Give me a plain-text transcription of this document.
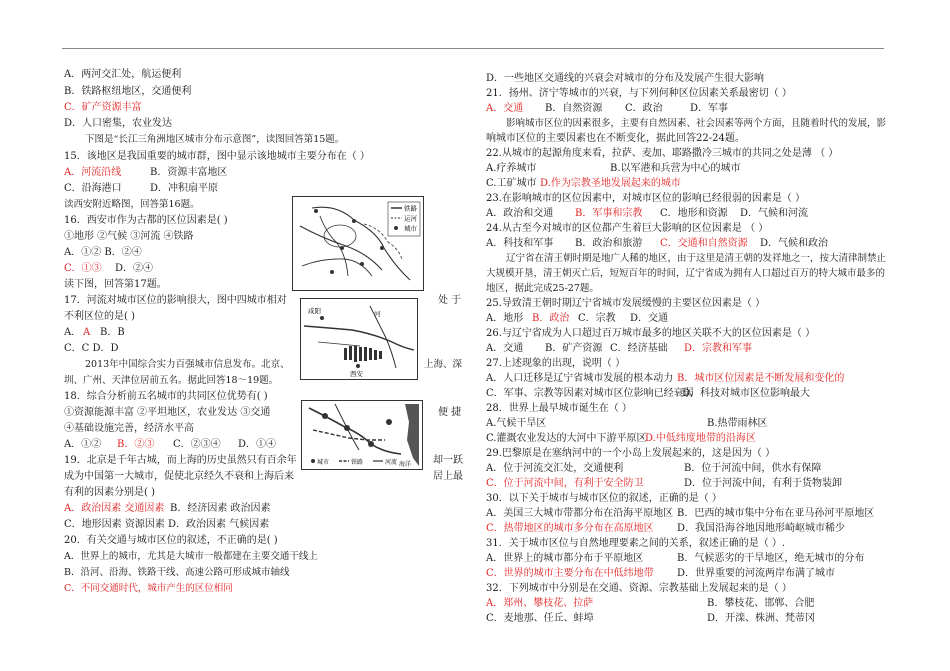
A．两河交汇处，航运便利
B．铁路枢纽地区，交通便利
C．矿产资源丰富
D．人口密集，农业发达
下图是“长江三角洲地区城市分布示意图”，读图回答第15题。
15．该地区是我国重要的城市群，图中显示该地城市主要分布在（ ）
A．河流沿线	B．资源丰富地区
C．沿海港口	D．冲积扇平原
读西安附近略图，回答第16题。
16．西安市作为古都的区位因素是( )
①地形 ②气候 ③河流 ④铁路
A．①② B．②④
C．①③ D．②④
读下图，回答第17题。
17．河流对城市区位的影响很大，图中四城市相对	处 于
不利区位的是( )
A． A B．B
C．C D．D
2013年中国综合实力百强城市信息发布。北京、	上海、深
圳、广州、天津位居前五名。据此回答18～19题。
18．综合分析前五名城市的共同区位优势有( )
①资源能源丰富 ②平坦地区，农业发达 ③交通	便 捷
④基础设施完善，经济水平高
A．①② B．②③ C．②③④ D．①④
19．北京是千年古城，而上海的历史虽然只有百余年	却一跃
成为中国第一大城市，促使北京经久不衰和上海后来	居上最
有利的因素分别是( )
A．政治因素 交通因素 B．经济因素 政治因素
C．地形因素 资源因素 D．政治因素 气候因素
20．有关交通与城市区位的叙述，不正确的是( )
A．世界上的城市，尤其是大城市一般都建在主要交通干线上
B．沿河、沿海、铁路干线、高速公路可形成城市轴线
C．不同交通时代，城市产生的区位相同
D．一些地区交通线的兴衰会对城市的分布及发展产生很大影响
21．扬州、济宁等城市的兴衰，与下列何种区位因素关系最密切（ ）
A．交通 B．自然资源 C．政治	D．军事
影响城市区位的因素很多，主要有自然因素、社会因素等两个方面，且随着时代的发展，影
响城市区位的主要因素也在不断变化，据此回答22-24题。
22.从城市的起源角度来看，拉萨、麦加、耶路撒冷三城市的共同之处是薄 （ ）
A.疗养城市	B.以军港和兵营为中心的城市
C.工矿城市 D.作为宗教圣地发展起来的城市
23.在影响城市的区位因素中，对城市区位的影响已经很弱的因素是（ ）
A．政治和交通 B．军事和宗教 C．地形和资源 D．气候和河流
24.从古至今对城市的区位都产生着巨大影响的区位因素是 （ ）
A．科技和军事 B．政治和旅游 C．交通和自然资源 D．气候和政治
辽宁省在清王朝时期是地广人稀的地区，由于这里是清王朝的发祥地之一，按大清律制禁止
大规模开垦，清王朝灭亡后，短短百年的时间，辽宁省成为拥有人口超过百万的特大城市最多的
地区，据此完成25-27题。
25.导致清王朝时期辽宁省城市发展缓慢的主要区位因素是（ ）
A．地形 B．政治 C．宗教 D．交通
26.与辽宁省成为人口超过百万城市最多的地区关联不大的区位因素是（ ）
A．交通 B．矿产资源 C．经济基础 D．宗教和军事
27.上述现象的出现，说明（ ）
A．人口迁移是辽宁省城市发展的根本动力 B．城市区位因素是不断发展和变化的
C．军事、宗教等因素对城市区位影响已经衰弱
D．科技对城市区位影响最大
28．世界上最早城市诞生在（ ）
A.气候干旱区	B.热带雨林区
C.灌溉农业发达的大河中下游平原区
D.中低纬度地带的沿海区
29.巴黎原是在塞纳河中的一个小岛上发展起来的，这是因为（ ）
A．位于河流交汇处，交通便利	B．位于河流中间，供水有保障
C．位于河流中间，有利于安全防卫	D．位于河流中间，有利于货物装卸
30．以下关于城市与城市区位的叙述，正确的是（ ）
A．美国三大城市带都分布在沿海平原地区 B．巴西的城市集中分布在亚马孙河平原地区
C．热带地区的城市多分布在高原地区 D．我国沿海谷地因地形崎岖城市稀少
31．关于城市区位与自然地理要素之间的关系，叙述正确的是（ ）.
A．世界上的城市都分布于平原地区	B．气候恶劣的干旱地区，绝无城市的分布
C．世界的城市主要分布在中低纬地带 D．世界重要的河流两岸布满了城市
32．下列城市中分别是在交通、资源、宗教基础上发展起来的是（ ）
A．郑州、攀枝花、拉萨	B．攀枝花、邯郸、合肥
C．麦地那、任丘、蚌埠	D．开滦、株洲、梵蒂冈
铁路
运河
城市
咸阳	河
西安
城市	铁路	河流 海洋
